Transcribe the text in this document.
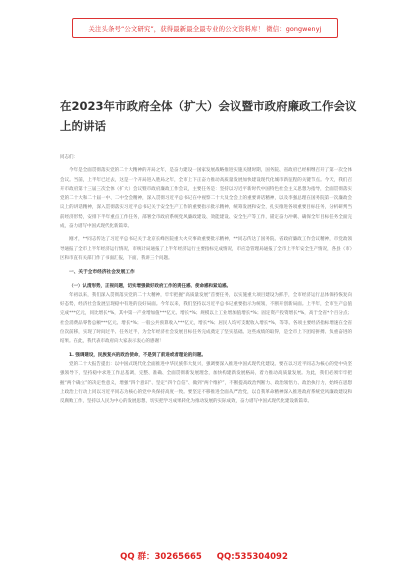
关注头条号“公文研究”，获得最新最全最专业的公文资料库！ 微信：gongwenyj
在2023年市政府全体（扩大）会议暨市政府廉政工作会议上的讲话

同志们：

今年是全面贯彻落实党的二十大精神的开局之年，是奋力建设一国家发展战略推进实施关键时期，国务院、省政府已经相继召开了第一次全体会议。当前，上半年已过去，这是一个开局进入胜局之年，全市上下正奋力推动高质量发展加快建设现代化城市新征程的关键节点。今天，我们召开市政府第十三届三次全体（扩大）会议暨市政府廉政工作会议，主要任务是：坚持以习近平新时代中国特色社会主义思想为指导，全面贯彻落实党的二十大和二十届一中、二中全会精神，深入贯彻习近平总书记在中视察二十大及全会上的重要讲话精神，以及李强总理在国务院第一次廉政会议上的讲话精神，深入贯彻落实习近平总书记关于安全生产工作的重要指示批示精神，统筹发展和安全，扎实推进各项重要目标任务，分析研判当前经济形势，安排下半年重点工作任务，部署全市政府系统党风廉政建设、效能建设、安全生产等工作，锚定奋力冲刺、确保全年目标任务全面完成，奋力谱写中国式现代化新篇章。

刚才，**同志传达了习近平总书记关于北京长峰医院重大火灾事故重要批示精神，**同志传达了国务院、省政府廉政工作会议精神，市党政领导通报了全市上半年经济运行情况，市统计局通报了上半年经济运行主要指标完成情况，市应急管理局通报了全市上半年安全生产情况，各县（市）区和市直有关部门作了书面汇报，下面，我讲三个问题。

一、关于全市经济社会发展工作

（一）认清形势，正视问题，切实增强做好政府工作的责任感、使命感和紧迫感。

年初以来，我们深入贯彻落实党的二十大精神，牢牢把握“高质量发展”首要任务，以实施重大项目建设为抓手，全市经济运行总体保持恢复向好态势，经济社会发展呈现稳中有进的良好局面。今年以来，我们坚持以习近平总书记重要指示为统领，不断开创新局面。上半年，全市生产总值完成***亿元，同比增长*%，其中第一产业增加值***亿元、增长*%；规模以上工业增加值增长*%；固定资产投资增长*%，高于全省*个百分点；社会消费品零售总额***亿元、增长*%；一般公共预算收入***亿元，增长*%；居民人均可支配收入增长*%，等等。各项主要经济指标增速在全省位次前移，实现了时间过半、任务过半，为全年经济社会发展目标任务完成奠定了坚实基础。这些成绩的取得，是全市上下团结拼搏、负重奋进的结果。在此，我代表市政府向大家表示衷心的感谢！

1. 强调建设，民族复兴的政治使命，不是到了前进或者理论的问题。

党的二十大报告提出：以中国式现代化全面推进中华民族伟大复兴，强调要深入推进中国式现代化建设。要在以习近平同志为核心的党中央坚强领导下，坚持稳中求进工作总基调，完整、准确、全面贯彻新发展理念，加快构建新发展格局，着力推动高质量发展。为此，我们必须牢牢把握“两个确立”的决定性意义，增强“四个意识”、坚定“四个自信”、做到“两个维护”，不断提高政治判断力、政治领悟力、政治执行力，始终在思想上政治上行动上同以习近平同志为核心的党中央保持高度一致。要坚定不移推进全面从严治党，以自我革命精神深入推进政府系统党风廉政建设和反腐败工作，坚持以人民为中心的发展思想，切实把学习成果转化为推动发展的实际成效，奋力谱写中国式现代化建设新篇章。

QQ 群：30265665 QQ:535304092
